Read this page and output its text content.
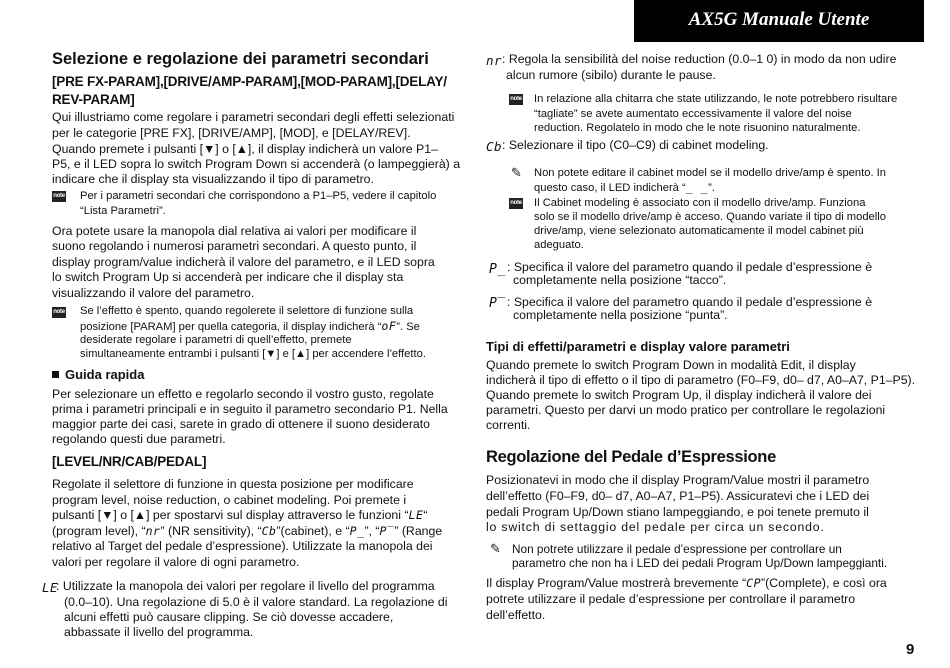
AX5G Manuale Utente

Selezione e regolazione dei parametri secondari

[PRE FX-PARAM],[DRIVE/AMP-PARAM],[MOD-PARAM],[DELAY/ REV-PARAM]

Qui illustriamo come regolare i parametri secondari degli effetti selezionati

per le categorie [PRE FX], [DRIVE/AMP], [MOD], e [DELAY/REV].

Quando premete i pulsanti [▼] o [▲], il display indicherà un valore P1–

P5, e il LED sopra lo switch Program Down si accenderà (o lampeggierà) a

indicare che il display sta visualizzando il tipo di parametro.

note Per i parametri secondari che corrispondono a P1–P5, vedere il capitolo

“Lista Parametri”.

Ora potete usare la manopola dial relativa ai valori per modificare il

suono regolando i numerosi parametri secondari. A questo punto, il

display program/value indicherà il valore del parametro, e il LED sopra

lo switch Program Up si accenderà per indicare che il display sta

visualizzando il valore del parametro.

note Se l’effetto è spento, quando regolerete il selettore di funzione sulla

posizione [PARAM] per quella categoria, il display indicherà “oF”. Se

desiderate regolare i parametri di quell’effetto, premete

simultaneamente entrambi i pulsanti [▼] e [▲] per accendere l’effetto.

Guida rapida

Per selezionare un effetto e regolarlo secondo il vostro gusto, regolate

prima i parametri principali e in seguito il parametro secondario P1. Nella

maggior parte dei casi, sarete in grado di ottenere il suono desiderato

regolando questi due parametri.

[LEVEL/NR/CAB/PEDAL]

Regolate il selettore di funzione in questa posizione per modificare

program level, noise reduction, o cabinet modeling. Poi premete i

pulsanti [▼] o [▲] per spostarvi sul display attraverso le funzioni “LE“

(program level), “nr” (NR sensitivity), “Cb”(cabinet), e “P_”, “P‾” (Range

relativo al Target del pedale d’espressione). Utilizzate la manopola dei

valori per regolare il valore di ogni parametro.

LE

: Utilizzate la manopola dei valori per regolare il livello del programma

(0.0–10). Una regolazione di 5.0 è il valore standard. La regolazione di

alcuni effetti può causare clipping. Se ciò dovesse accadere,

abbassate il livello del programma.

nr : Regola la sensibilità del noise reduction (0.0–1 0) in modo da non udire

alcun rumore (sibilo) durante le pause.

note In relazione alla chitarra che state utilizzando, le note potrebbero risultare

“tagliate” se avete aumentato eccessivamente il valore del noise

reduction. Regolatelo in modo che le note risuonino naturalmente.

Cb : Selezionare il tipo (C0–C9) di cabinet modeling.

✎ Non potete editare il cabinet model se il modello drive/amp è spento. In

questo caso, il LED indicherà “_ _”.

note Il Cabinet modeling è associato con il modello drive/amp. Funziona

solo se il modello drive/amp è acceso. Quando variate il tipo di modello

drive/amp, viene selezionato automaticamente il model cabinet più

adeguato.

P_ : Specifica il valore del parametro quando il pedale d’espressione è

completamente nella posizione “tacco”.

P‾ : Specifica il valore del parametro quando il pedale d’espressione è

completamente nella posizione “punta”.

Tipi di effetti/parametri e display valore parametri

Quando premete lo switch Program Down in modalità Edit, il display

indicherà il tipo di effetto o il tipo di parametro (F0–F9, d0– d7, A0–A7, P1–P5).

Quando premete lo switch Program Up, il display indicherà il valore dei

parametri. Questo per darvi un modo pratico per controllare le regolazioni

correnti.

Regolazione del Pedale d’Espressione

Posizionatevi in modo che il display Program/Value mostri il parametro

dell’effetto (F0–F9, d0– d7, A0–A7, P1–P5). Assicuratevi che i LED dei

pedali Program Up/Down stiano lampeggiando, e poi tenete premuto il

lo switch di settaggio del pedale per circa un secondo.

✎ Non potrete utilizzare il pedale d’espressione per controllare un

parametro che non ha i LED dei pedali Program Up/Down lampeggianti.

Il display Program/Value mostrerà brevemente “CP”(Complete), e così ora

potrete utilizzare il pedale d’espressione per controllare il parametro

dell’effetto.

9
